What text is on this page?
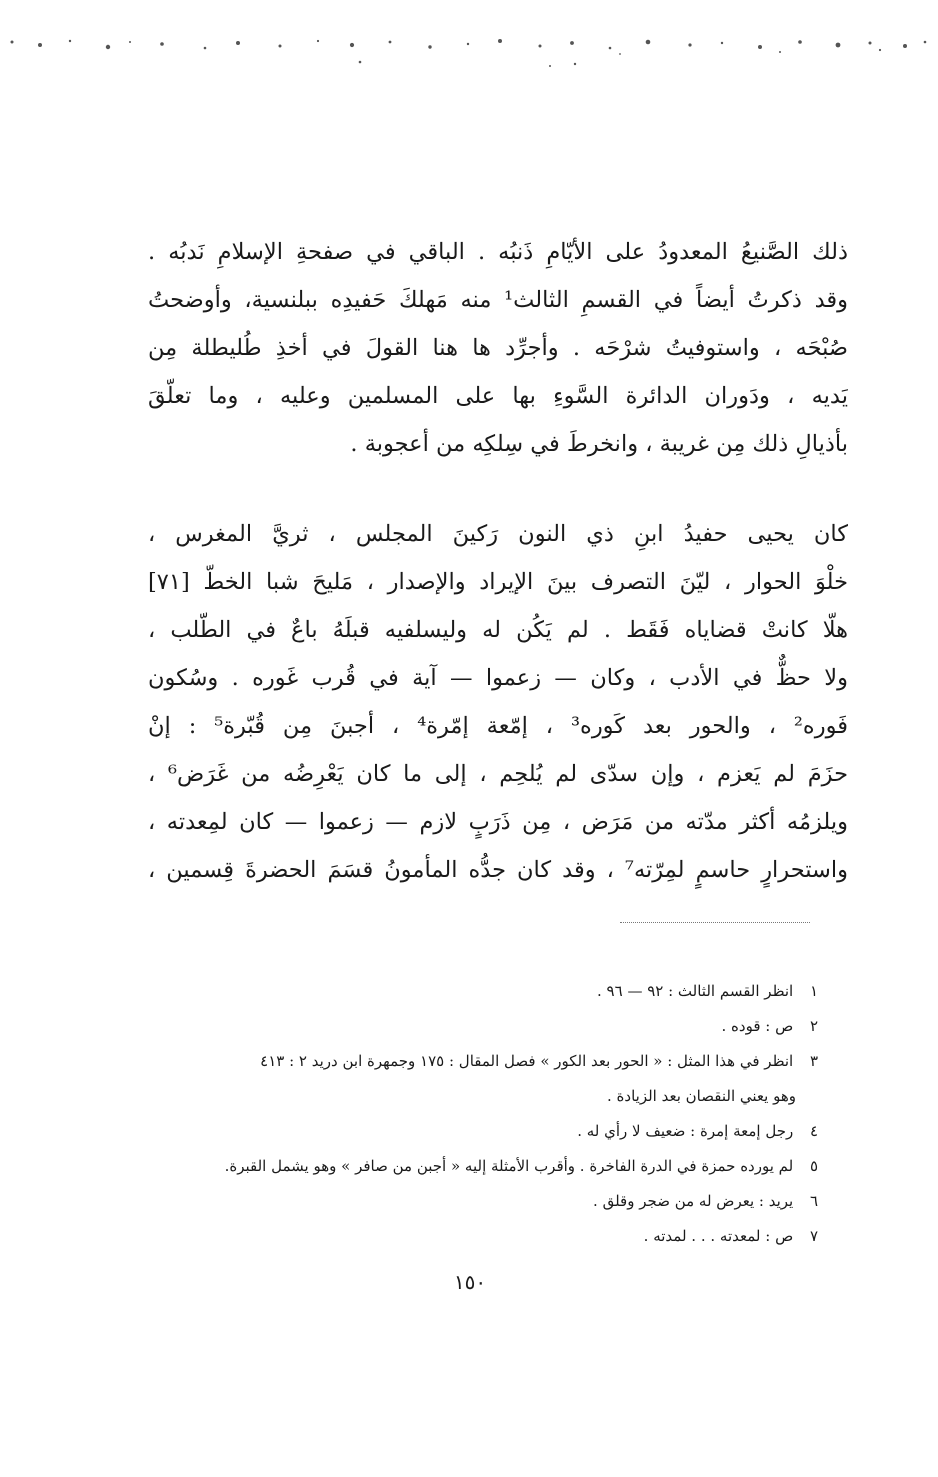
ذلك الصَّنيعُ المعدودُ على الأيّامِ ذَنبُه . الباقي في صفحةِ الإسلامِ نَدبُه .
وقد ذكرتُ أيضاً في القسمِ الثالث¹ منه مَهلكَ حَفيدِه ببلنسية، وأوضحتُ
صُبْحَه ، واستوفيتُ شرْحَه . وأجرِّد ها هنا القولَ في أخذِ طُليطلة مِن
يَديه ، ودَوران الدائرة السَّوءِ بها على المسلمين وعليه ، وما تعلّقَ
بأذيالِ ذلك مِن غريبة ، وانخرطَ في سِلكِه من أعجوبة .
كان يحيى حفيدُ ابنِ ذي النون رَكينَ المجلس ، ثريَّ المغرس ،
خلْوَ الحوار ، ليّنَ التصرف بينَ الإيراد والإصدار ، مَليحَ شبا الخطّ [٧١]
هلّا كانتْ قضاياه فَقَط . لم يَكُن له وليسلفيه قبلَهُ باعٌ في الطّلب ،
ولا حظٌّ في الأدب ، وكان — زعموا — آية في قُرب غَوره . وسُكون
فَوره² ، والحور بعد كَوره³ ، إمّعة إمّرة⁴ ، أجبنَ مِن قُبّرة⁵ : إنْ
حزَمَ لم يَعزم ، وإن سدّى لم يُلحِم ، إلى ما كان يَعْرِضُه من غَرَض⁶ ،
ويلزمُه أكثر مدّته من مَرَض ، مِن ذَرَبٍ لازم — زعموا — كان لمِعدته ،
واستحرارٍ حاسمٍ لمِرّته⁷ ، وقد كان جدُّه المأمونُ قسَمَ الحضرةَ قِسمين ،
١ انظر القسم الثالث : ٩٢ — ٩٦ .
٢ ص : قوده .
٣ انظر في هذا المثل : « الحور بعد الكور » فصل المقال : ١٧٥ وجمهرة ابن دريد ٢ : ٤١٣
وهو يعني النقصان بعد الزيادة .
٤ رجل إمعة إمرة : ضعيف لا رأي له .
٥ لم يورده حمزة في الدرة الفاخرة . وأقرب الأمثلة إليه « أجبن من صافر » وهو يشمل القبرة.
٦ يريد : يعرض له من ضجر وقلق .
٧ ص : لمعدته . . . لمدته .
١٥٠
